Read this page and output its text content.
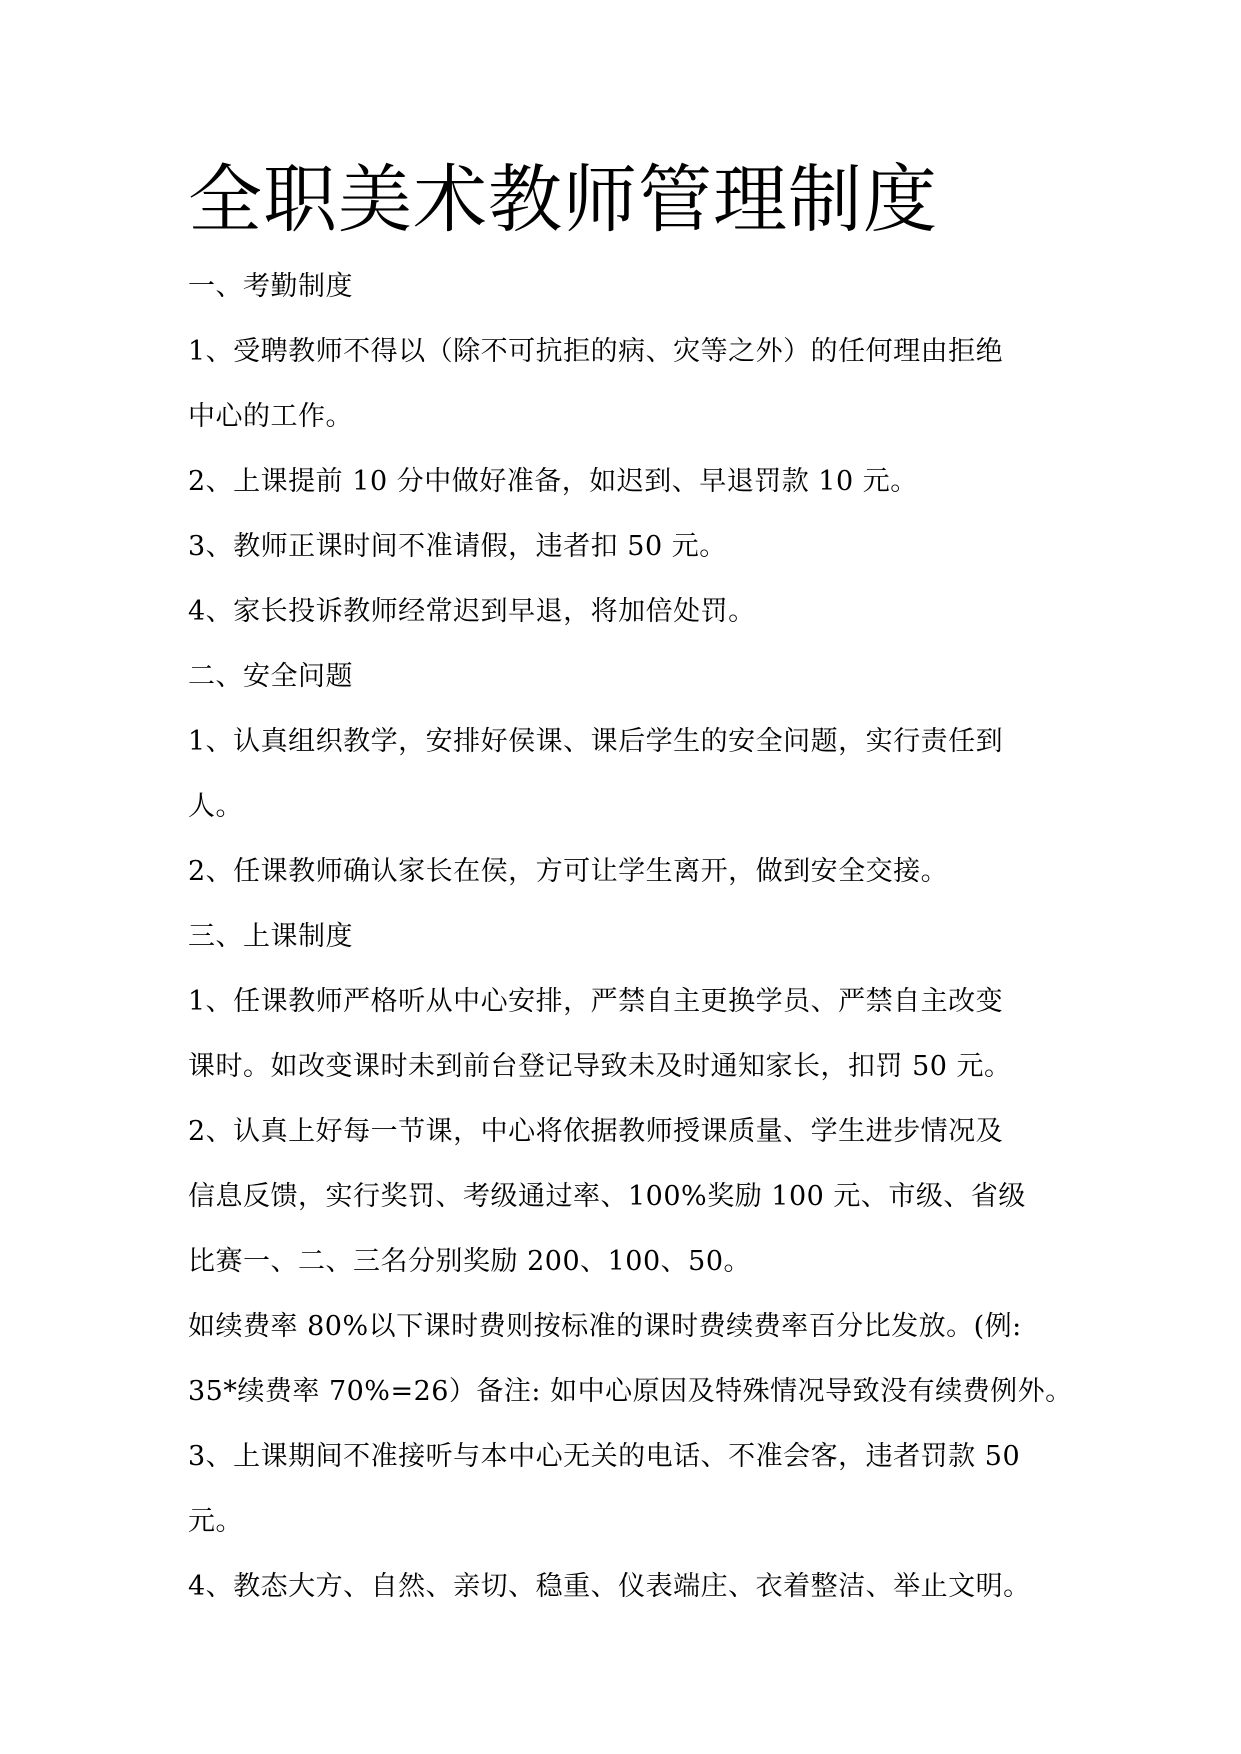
全职美术教师管理制度

一、考勤制度

1、受聘教师不得以（除不可抗拒的病、灾等之外）的任何理由拒绝

中心的工作。

2、上课提前 10 分中做好准备，如迟到、早退罚款 10 元。

3、教师正课时间不准请假，违者扣 50 元。

4、家长投诉教师经常迟到早退，将加倍处罚。

二、安全问题

1、认真组织教学，安排好侯课、课后学生的安全问题，实行责任到

人。

2、任课教师确认家长在侯，方可让学生离开，做到安全交接。

三、上课制度

1、任课教师严格听从中心安排，严禁自主更换学员、严禁自主改变

课时。如改变课时未到前台登记导致未及时通知家长，扣罚 50 元。

2、认真上好每一节课，中心将依据教师授课质量、学生进步情况及

信息反馈，实行奖罚、考级通过率、100%奖励 100 元、市级、省级

比赛一、二、三名分别奖励 200、100、50。

如续费率 80%以下课时费则按标准的课时费续费率百分比发放。(例:

35*续费率 70%=26）备注: 如中心原因及特殊情况导致没有续费例外。

3、上课期间不准接听与本中心无关的电话、不准会客，违者罚款 50

元。

4、教态大方、自然、亲切、稳重、仪表端庄、衣着整洁、举止文明。
